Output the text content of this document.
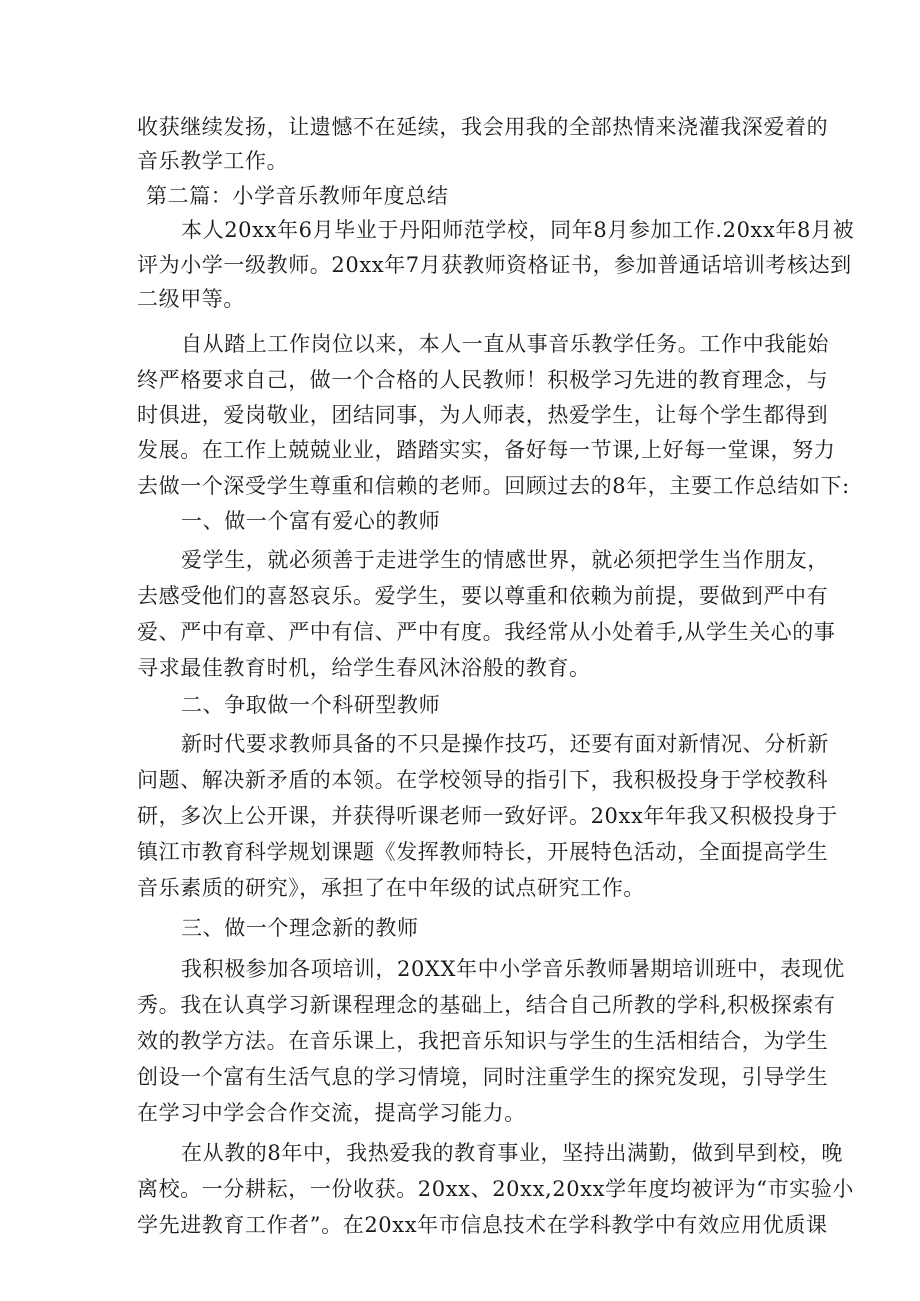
收获继续发扬，让遗憾不在延续，我会用我的全部热情来浇灌我深爱着的
音乐教学工作。
第二篇：小学音乐教师年度总结
本人20xx年6月毕业于丹阳师范学校，同年8月参加工作.20xx年8月被
评为小学一级教师。20xx年7月获教师资格证书，参加普通话培训考核达到
二级甲等。
自从踏上工作岗位以来，本人一直从事音乐教学任务。工作中我能始
终严格要求自己，做一个合格的人民教师！积极学习先进的教育理念，与
时俱进，爱岗敬业，团结同事，为人师表，热爱学生，让每个学生都得到
发展。在工作上兢兢业业，踏踏实实，备好每一节课,上好每一堂课，努力
去做一个深受学生尊重和信赖的老师。回顾过去的8年，主要工作总结如下:
一、做一个富有爱心的教师
爱学生，就必须善于走进学生的情感世界，就必须把学生当作朋友，
去感受他们的喜怒哀乐。爱学生，要以尊重和依赖为前提，要做到严中有
爱、严中有章、严中有信、严中有度。我经常从小处着手,从学生关心的事
寻求最佳教育时机，给学生春风沐浴般的教育。
二、争取做一个科研型教师
新时代要求教师具备的不只是操作技巧，还要有面对新情况、分析新
问题、解决新矛盾的本领。在学校领导的指引下，我积极投身于学校教科
研，多次上公开课，并获得听课老师一致好评。20xx年年我又积极投身于
镇江市教育科学规划课题《发挥教师特长，开展特色活动，全面提高学生
音乐素质的研究》，承担了在中年级的试点研究工作。
三、做一个理念新的教师
我积极参加各项培训，20XX年中小学音乐教师暑期培训班中，表现优
秀。我在认真学习新课程理念的基础上，结合自己所教的学科,积极探索有
效的教学方法。在音乐课上，我把音乐知识与学生的生活相结合，为学生
创设一个富有生活气息的学习情境，同时注重学生的探究发现，引导学生
在学习中学会合作交流，提高学习能力。
在从教的8年中，我热爱我的教育事业，坚持出满勤，做到早到校，晚
离校。一分耕耘，一份收获。20xx、20xx,20xx学年度均被评为“市实验小
学先进教育工作者”。在20xx年市信息技术在学科教学中有效应用优质课
